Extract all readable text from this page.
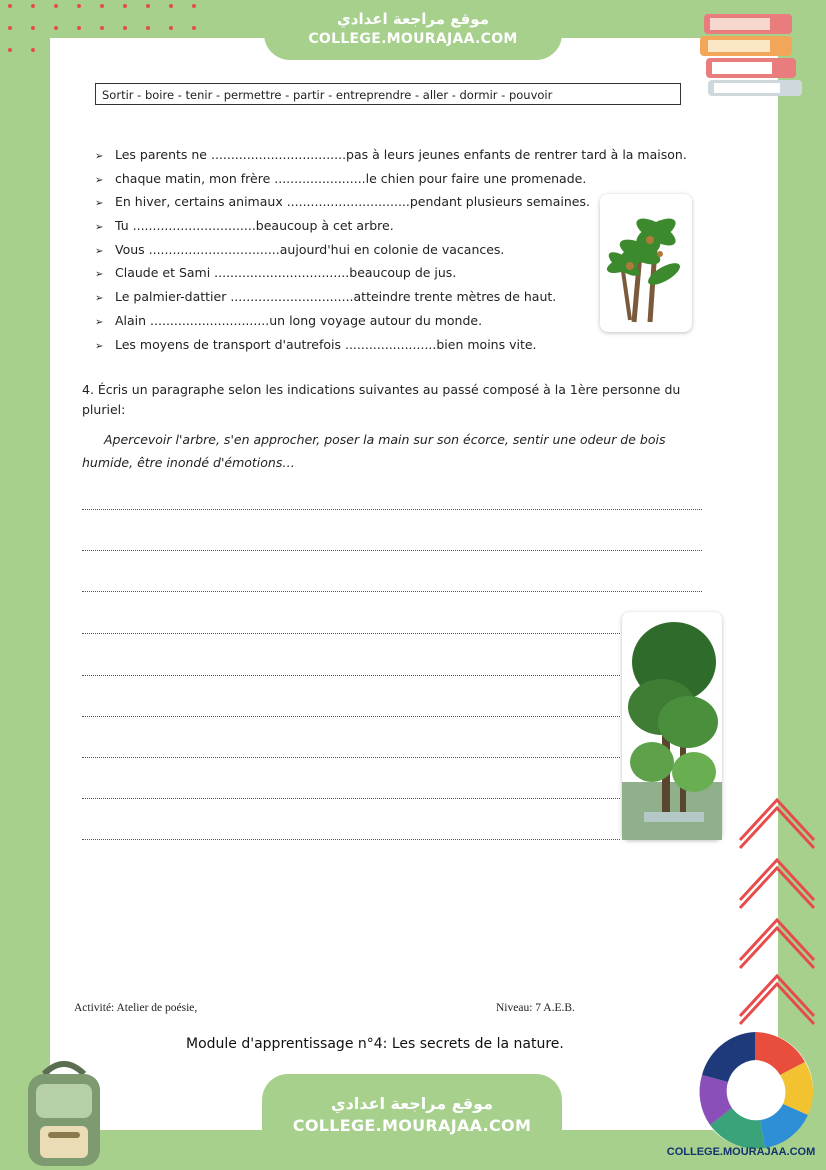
موقع مراجعة اعدادي
COLLEGE.MOURAJAA.COM
Sortir - boire - tenir - permettre - partir - entreprendre - aller - dormir - pouvoir
➢ Les parents ne ..................................pas à leurs jeunes enfants de rentrer tard à la maison.
➢ chaque matin, mon frère .......................le chien pour faire une promenade.
➢ En hiver, certains animaux ...............................pendant plusieurs semaines.
➢ Tu ...............................beaucoup à cet arbre.
➢ Vous .................................aujourd'hui en colonie de vacances.
➢ Claude et Sami ..................................beaucoup de jus.
➢ Le palmier-dattier ...............................atteindre trente mètres de haut.
➢ Alain ..............................un long voyage autour du monde.
➢ Les moyens de transport d'autrefois .......................bien moins vite.
4. Écris un paragraphe selon les indications suivantes au passé composé à la 1ère personne du pluriel:
Apercevoir l'arbre, s'en approcher, poser la main sur son écorce, sentir une odeur de bois humide, être inondé d'émotions…
Activité: Atelier de poésie,	Niveau: 7 A.E.B.
Module d'apprentissage n°4: Les secrets de la nature.
موقع مراجعة اعدادي
COLLEGE.MOURAJAA.COM
COLLEGE.MOURAJAA.COM
